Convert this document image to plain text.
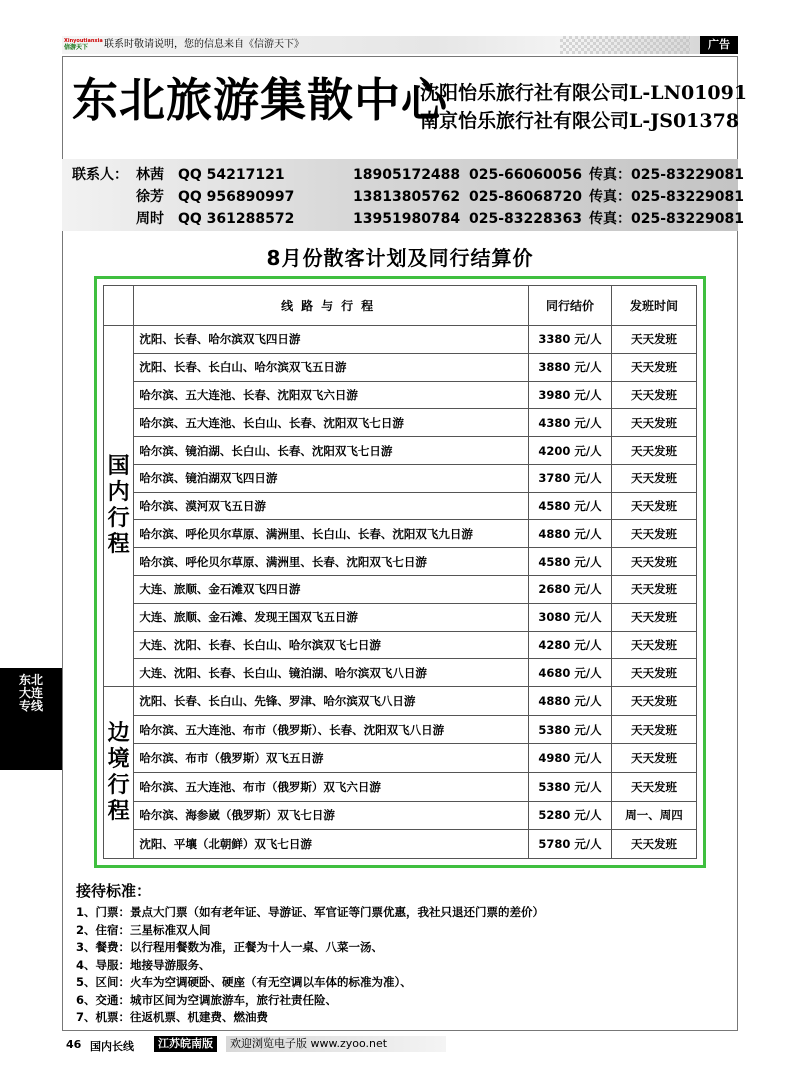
Xinyoutianxia
信游天下	联系时敬请说明，您的信息来自《信游天下》	广告
东北旅游集散中心
沈阳怡乐旅行社有限公司L-LN01091
南京怡乐旅行社有限公司L-JS01378
联系人： 林茜 QQ 54217121	18905172488 025-66060056 传真：025-83229081
徐芳 QQ 956890997	13813805762 025-86068720 传真：025-83229081
周时 QQ 361288572	13951980784 025-83228363 传真：025-83229081
8月份散客计划及同行结算价
	线路与行程	同行结价	发班时间
国内行程	沈阳、长春、哈尔滨双飞四日游	3380 元/人	天天发班
	沈阳、长春、长白山、哈尔滨双飞五日游	3880 元/人	天天发班
	哈尔滨、五大连池、长春、沈阳双飞六日游	3980 元/人	天天发班
	哈尔滨、五大连池、长白山、长春、沈阳双飞七日游	4380 元/人	天天发班
	哈尔滨、镜泊湖、长白山、长春、沈阳双飞七日游	4200 元/人	天天发班
	哈尔滨、镜泊湖双飞四日游	3780 元/人	天天发班
	哈尔滨、漠河双飞五日游	4580 元/人	天天发班
	哈尔滨、呼伦贝尔草原、满洲里、长白山、长春、沈阳双飞九日游	4880 元/人	天天发班
	哈尔滨、呼伦贝尔草原、满洲里、长春、沈阳双飞七日游	4580 元/人	天天发班
	大连、旅顺、金石滩双飞四日游	2680 元/人	天天发班
	大连、旅顺、金石滩、发现王国双飞五日游	3080 元/人	天天发班
	大连、沈阳、长春、长白山、哈尔滨双飞七日游	4280 元/人	天天发班
	大连、沈阳、长春、长白山、镜泊湖、哈尔滨双飞八日游	4680 元/人	天天发班
边境行程	沈阳、长春、长白山、先锋、罗津、哈尔滨双飞八日游	4880 元/人	天天发班
	哈尔滨、五大连池、布市（俄罗斯）、长春、沈阳双飞八日游	5380 元/人	天天发班
	哈尔滨、布市（俄罗斯）双飞五日游	4980 元/人	天天发班
	哈尔滨、五大连池、布市（俄罗斯）双飞六日游	5380 元/人	天天发班
	哈尔滨、海参崴（俄罗斯）双飞七日游	5280 元/人	周一、周四
	沈阳、平壤（北朝鲜）双飞七日游	5780 元/人	天天发班
接待标准：
1、门票：景点大门票（如有老年证、导游证、军官证等门票优惠，我社只退还门票的差价）
2、住宿：三星标准双人间
3、餐费：以行程用餐数为准，正餐为十人一桌、八菜一汤、
4、导服：地接导游服务、
5、区间：火车为空调硬卧、硬座（有无空调以车体的标准为准）、
6、交通：城市区间为空调旅游车，旅行社责任险、
7、机票：往返机票、机建费、燃油费
东北
大连
专线
46 国内长线	江苏皖南版	欢迎浏览电子版 www.zyoo.net
